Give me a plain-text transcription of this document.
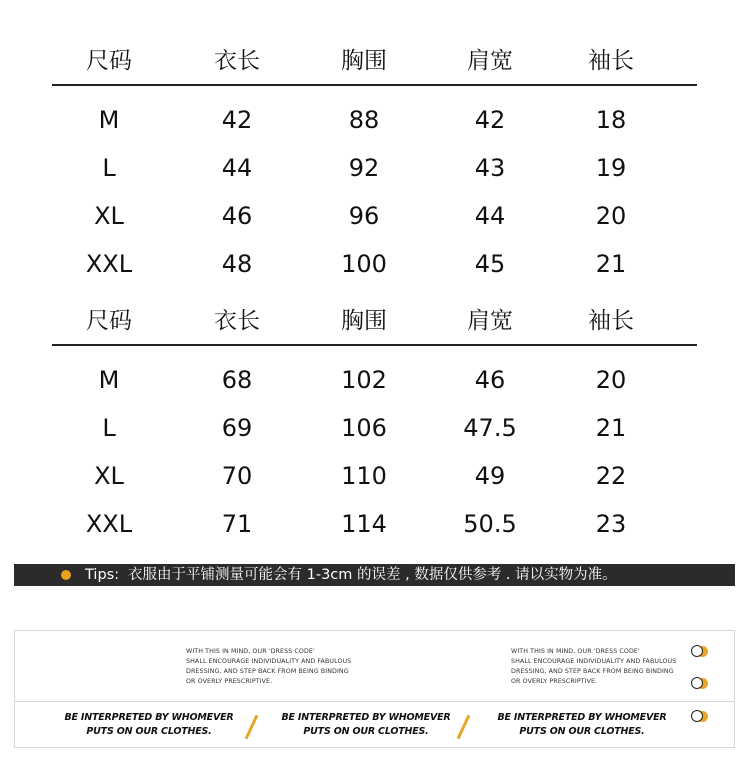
尺码	衣长	胸围	肩宽	袖长
M	42	88	42	18
L	44	92	43	19
XL	46	96	44	20
XXL	48	100	45	21
尺码	衣长	胸围	肩宽	袖长
M	68	102	46	20
L	69	106	47.5	21
XL	70	110	49	22
XXL	71	114	50.5	23
Tips: 衣服由于平铺测量可能会有 1-3cm 的误差 , 数据仅供参考 . 请以实物为准。
WITH THIS IN MIND, OUR 'DRESS CODE'
SHALL ENCOURAGE INDIVIDUALITY AND FABULOUS
DRESSING, AND STEP BACK FROM BEING BINDING
OR OVERLY PRESCRIPTIVE.
WITH THIS IN MIND, OUR 'DRESS CODE'
SHALL ENCOURAGE INDIVIDUALITY AND FABULOUS
DRESSING, AND STEP BACK FROM BEING BINDING
OR OVERLY PRESCRIPTIVE.
BE INTERPRETED BY WHOMEVER
PUTS ON OUR CLOTHES.
BE INTERPRETED BY WHOMEVER
PUTS ON OUR CLOTHES.
BE INTERPRETED BY WHOMEVER
PUTS ON OUR CLOTHES.
